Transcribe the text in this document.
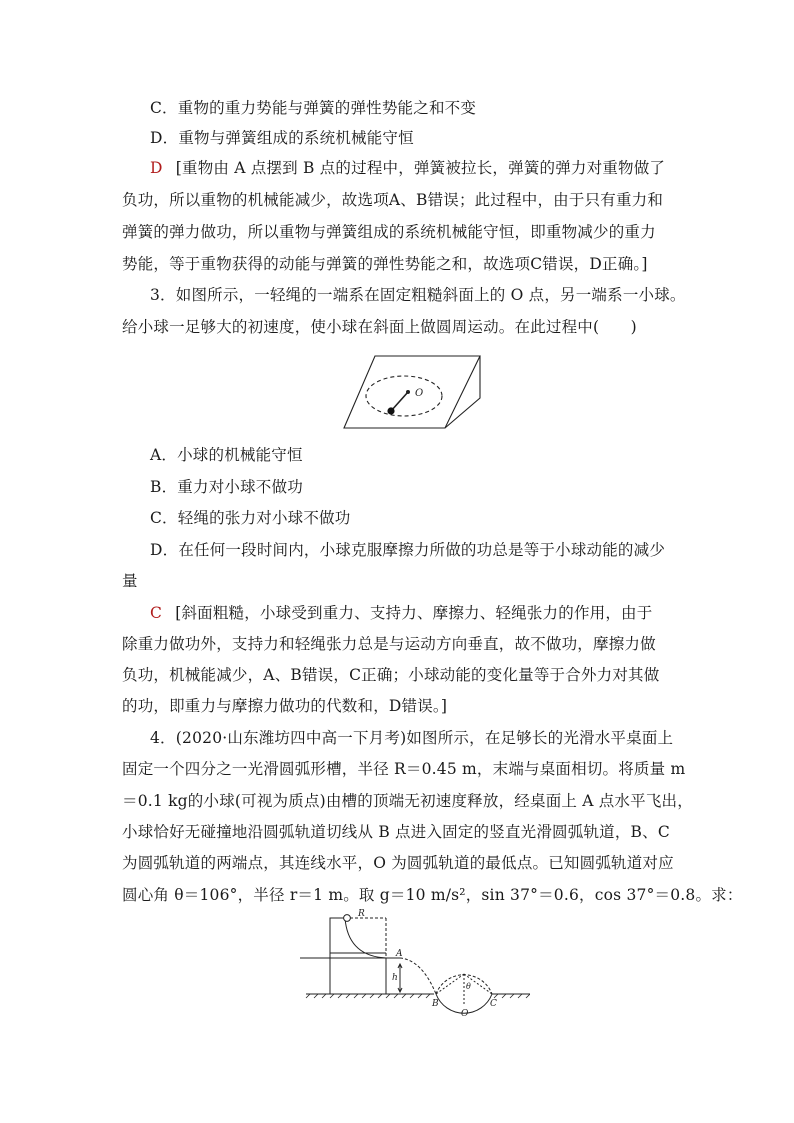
C．重物的重力势能与弹簧的弹性势能之和不变
D．重物与弹簧组成的系统机械能守恒
D [重物由 A 点摆到 B 点的过程中，弹簧被拉长，弹簧的弹力对重物做了
负功，所以重物的机械能减少，故选项A、B错误；此过程中，由于只有重力和
弹簧的弹力做功，所以重物与弹簧组成的系统机械能守恒，即重物减少的重力
势能，等于重物获得的动能与弹簧的弹性势能之和，故选项C错误，D正确。]
3．如图所示，一轻绳的一端系在固定粗糙斜面上的 O 点，另一端系一小球。
给小球一足够大的初速度，使小球在斜面上做圆周运动。在此过程中(　　)
O
A．小球的机械能守恒
B．重力对小球不做功
C．轻绳的张力对小球不做功
D．在任何一段时间内，小球克服摩擦力所做的功总是等于小球动能的减少
量
C [斜面粗糙，小球受到重力、支持力、摩擦力、轻绳张力的作用，由于
除重力做功外，支持力和轻绳张力总是与运动方向垂直，故不做功，摩擦力做
负功，机械能减少，A、B错误，C正确；小球动能的变化量等于合外力对其做
的功，即重力与摩擦力做功的代数和，D错误。]
4．(2020·山东潍坊四中高一下月考)如图所示，在足够长的光滑水平桌面上
固定一个四分之一光滑圆弧形槽，半径 R＝0.45 m，末端与桌面相切。将质量 m
＝0.1 kg的小球(可视为质点)由槽的顶端无初速度释放，经桌面上 A 点水平飞出，
小球恰好无碰撞地沿圆弧轨道切线从 B 点进入固定的竖直光滑圆弧轨道，B、C
为圆弧轨道的两端点，其连线水平，O 为圆弧轨道的最低点。已知圆弧轨道对应
圆心角 θ＝106°，半径 r＝1 m。取 g＝10 m/s²，sin 37°＝0.6，cos 37°＝0.8。求：
R
A
h
B
O
C
θ
